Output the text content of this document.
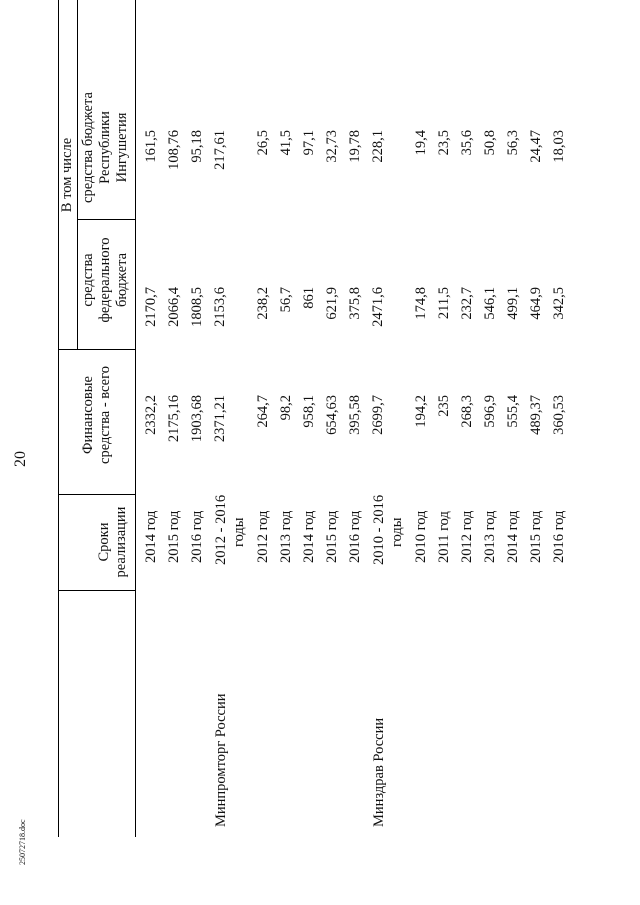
20
25072718.doc
Сроки реализации
Финансовые средства - всего
В том числе
средства федерального бюджета
средства бюджета Республики Ингушетия
Минпромторг России
2014 год
2332,2
2170,7
161,5
2015 год
2175,16
2066,4
108,76
2016 год
1903,68
1808,5
95,18
2012 - 2016 годы
2371,21
2153,6
217,61
2012 год
264,7
238,2
26,5
2013 год
98,2
56,7
41,5
2014 год
958,1
861
97,1
2015 год
654,63
621,9
32,73
2016 год
395,58
375,8
19,78
Минздрав России
2010 - 2016 годы
2699,7
2471,6
228,1
2010 год
194,2
174,8
19,4
2011 год
235
211,5
23,5
2012 год
268,3
232,7
35,6
2013 год
596,9
546,1
50,8
2014 год
555,4
499,1
56,3
2015 год
489,37
464,9
24,47
2016 год
360,53
342,5
18,03
